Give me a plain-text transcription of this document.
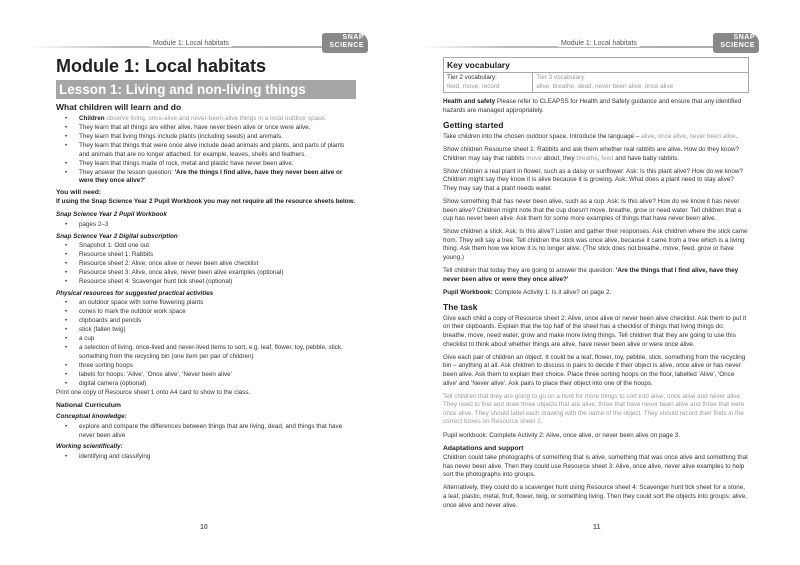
Module 1: Local habitats
SNAP SCIENCE
Module 1: Local habitats
Lesson 1: Living and non-living things
What children will learn and do
• Children observe living, once-alive and never-been-alive things in a local outdoor space.
• They learn that all things are either alive, have never been alive or once were alive.
• They learn that living things include plants (including seeds) and animals.
• They learn that things that were once alive include dead animals and plants, and parts of plants and animals that are no longer attached, for example, leaves, shells and feathers.
• They learn that things made of rock, metal and plastic have never been alive.
• They answer the lesson question: 'Are the things I find alive, have they never been alive or were they once alive?'
You will need:

If using the Snap Science Year 2 Pupil Workbook you may not require all the resource sheets below.

Snap Science Year 2 Pupil Workbook
• pages 2–3
Snap Science Year 2 Digital subscription
• Snapshot 1: Odd one out
• Resource sheet 1: Rabbits
• Resource sheet 2: Alive, once alive or never been alive checklist
• Resource sheet 3: Alive, once alive, never been alive examples (optional)
• Resource sheet 4: Scavenger hunt tick sheet (optional)
Physical resources for suggested practical activities
• an outdoor space with some flowering plants
• cones to mark the outdoor work space
• clipboards and pencils
• stick (fallen twig)
• a cup
• a selection of living, once-lived and never-lived items to sort, e.g. leaf, flower, toy, pebble, stick, something from the recycling bin (one item per pair of children)
• three sorting hoops
• labels for hoops: 'Alive', 'Once alive', 'Never been alive'
• digital camera (optional)

Print one copy of Resource sheet 1 onto A4 card to show to the class.

National Curriculum
Conceptual knowledge:
• explore and compare the differences between things that are living, dead, and things that have never been alive
Working scientifically:
• identifying and classifying
10
Module 1: Local habitats
SNAP SCIENCE
Key vocabulary

Tier 2 vocabulary:
feed, move, record

Tier 3 vocabulary:
alive, breathe, dead, never been alive, once alive

Health and safety Please refer to CLEAPSS for Health and Safety guidance and ensure that any identified hazards are managed appropriately.

Getting started

Take children into the chosen outdoor space. Introduce the language – alive, once alive, never been alive.

Show children Resource sheet 1: Rabbits and ask them whether real rabbits are alive. How do they know? Children may say that rabbits move about, they breathe, feed and have baby rabbits.

Show children a real plant in flower, such as a daisy or sunflower. Ask: Is this plant alive? How do we know? Children might say they know it is alive because it is growing. Ask: What does a plant need to stay alive? They may say that a plant needs water.

Show something that has never been alive, such as a cup. Ask: Is this alive? How do we know it has never been alive? Children might note that the cup doesn't move, breathe, grow or need water. Tell children that a cup has never been alive. Ask them for some more examples of things that have never been alive.

Show children a stick. Ask: Is this alive? Listen and gather their responses. Ask children where the stick came from. They will say a tree. Tell children the stick was once alive, because it came from a tree which is a living thing. Ask them how we know it is no longer alive. (The stick does not breathe, move, feed, grow or have young.)

Tell children that today they are going to answer the question: 'Are the things that I find alive, have they never been alive or were they once alive?'

Pupil Workbook: Complete Activity 1: Is it alive? on page 2.

The task

Give each child a copy of Resource sheet 2: Alive, once alive or never been alive checklist. Ask them to put it on their clipboards. Explain that the top half of the sheet has a checklist of things that living things do: breathe, move, need water, grow and make more living things. Tell children that they are going to use this checklist to think about whether things are alive, have never been alive or were once alive.

Give each pair of children an object. It could be a leaf, flower, toy, pebble, stick, something from the recycling bin – anything at all. Ask children to discuss in pairs to decide if their object is alive, once alive or has never been alive. Ask them to explain their choice. Place three sorting hoops on the floor, labelled 'Alive', 'Once alive' and 'Never alive'. Ask pairs to place their object into one of the hoops.

Tell children that they are going to go on a hunt for more things to sort into alive, once alive and never alive. They need to find and draw three objects that are alive, three that have never been alive and three that were once alive. They should label each drawing with the name of the object. They should record their finds in the correct boxes on Resource sheet 2.

Pupil workbook: Complete Activity 2: Alive, once alive, or never been alive on page 3.

Adaptations and support

Children could take photographs of something that is alive, something that was once alive and something that has never been alive. Then they could use Resource sheet 3: Alive, once alive, never alive examples to help sort the photographs into groups.

Alternatively, they could do a scavenger hunt using Resource sheet 4: Scavenger hunt tick sheet for a stone, a leaf, plastic, metal, fruit, flower, twig, or something living. Then they could sort the objects into groups: alive, once alive and never alive.

11
